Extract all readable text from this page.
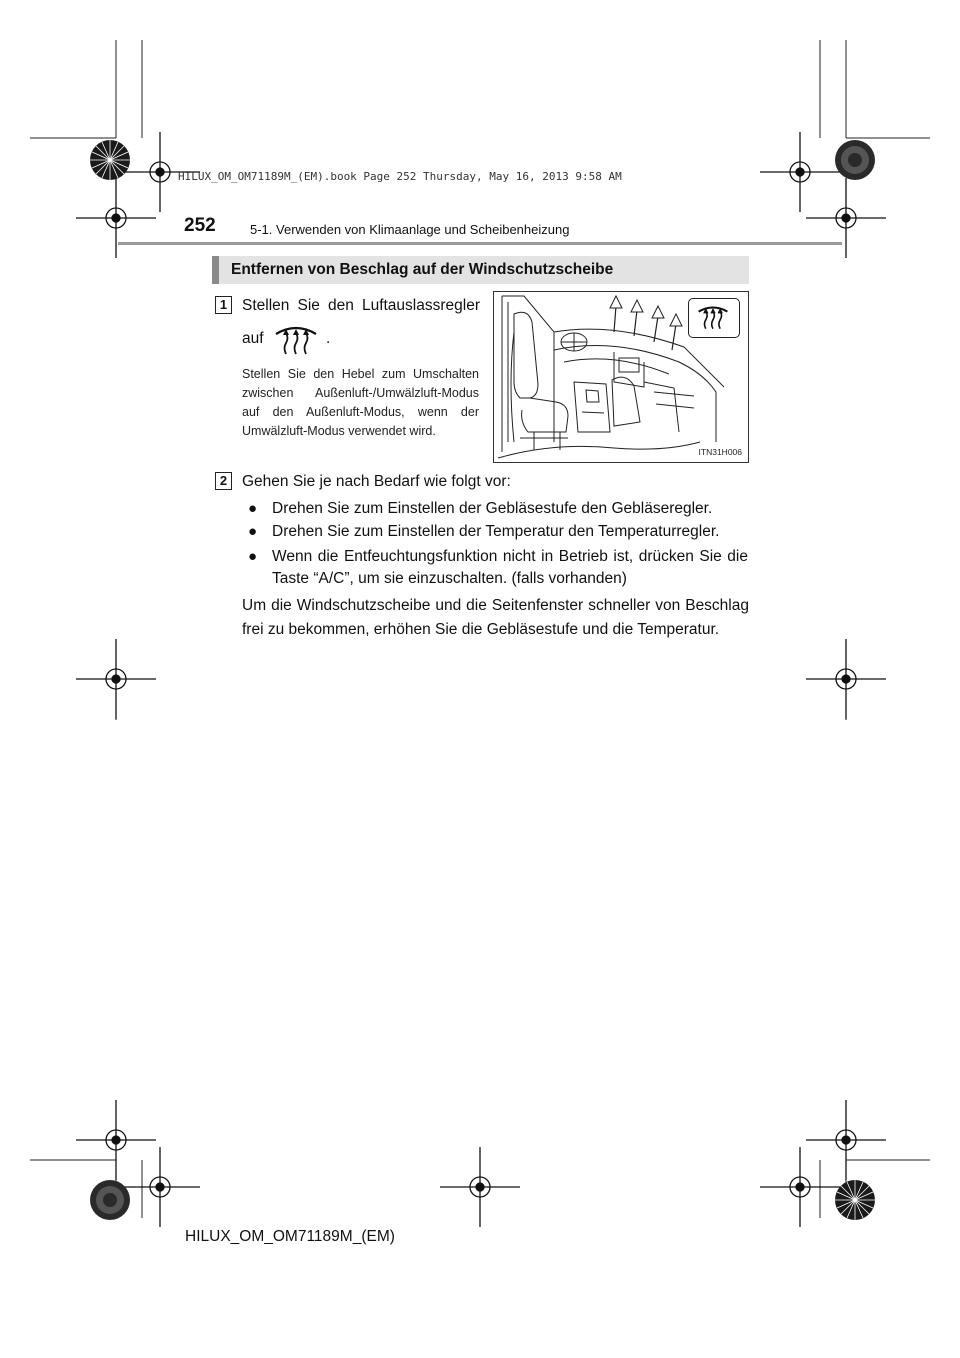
HILUX_OM_OM71189M_(EM).book Page 252 Thursday, May 16, 2013 9:58 AM
252	5-1. Verwenden von Klimaanlage und Scheibenheizung
Entfernen von Beschlag auf der Windschutzscheibe
1 Stellen Sie den Luftauslassregler
auf	.
Stellen Sie den Hebel zum Umschalten zwischen Außenluft-/Umwälzluft-Modus auf den Außenluft-Modus, wenn der Umwälzluft-Modus verwendet wird.
ITN31H006
2 Gehen Sie je nach Bedarf wie folgt vor:
● Drehen Sie zum Einstellen der Gebläsestufe den Gebläseregler.
● Drehen Sie zum Einstellen der Temperatur den Temperaturregler.
● Wenn die Entfeuchtungsfunktion nicht in Betrieb ist, drücken Sie die Taste “A/C”, um sie einzuschalten. (falls vorhanden)
Um die Windschutzscheibe und die Seitenfenster schneller von Beschlag frei zu bekommen, erhöhen Sie die Gebläsestufe und die Temperatur.
HILUX_OM_OM71189M_(EM)
